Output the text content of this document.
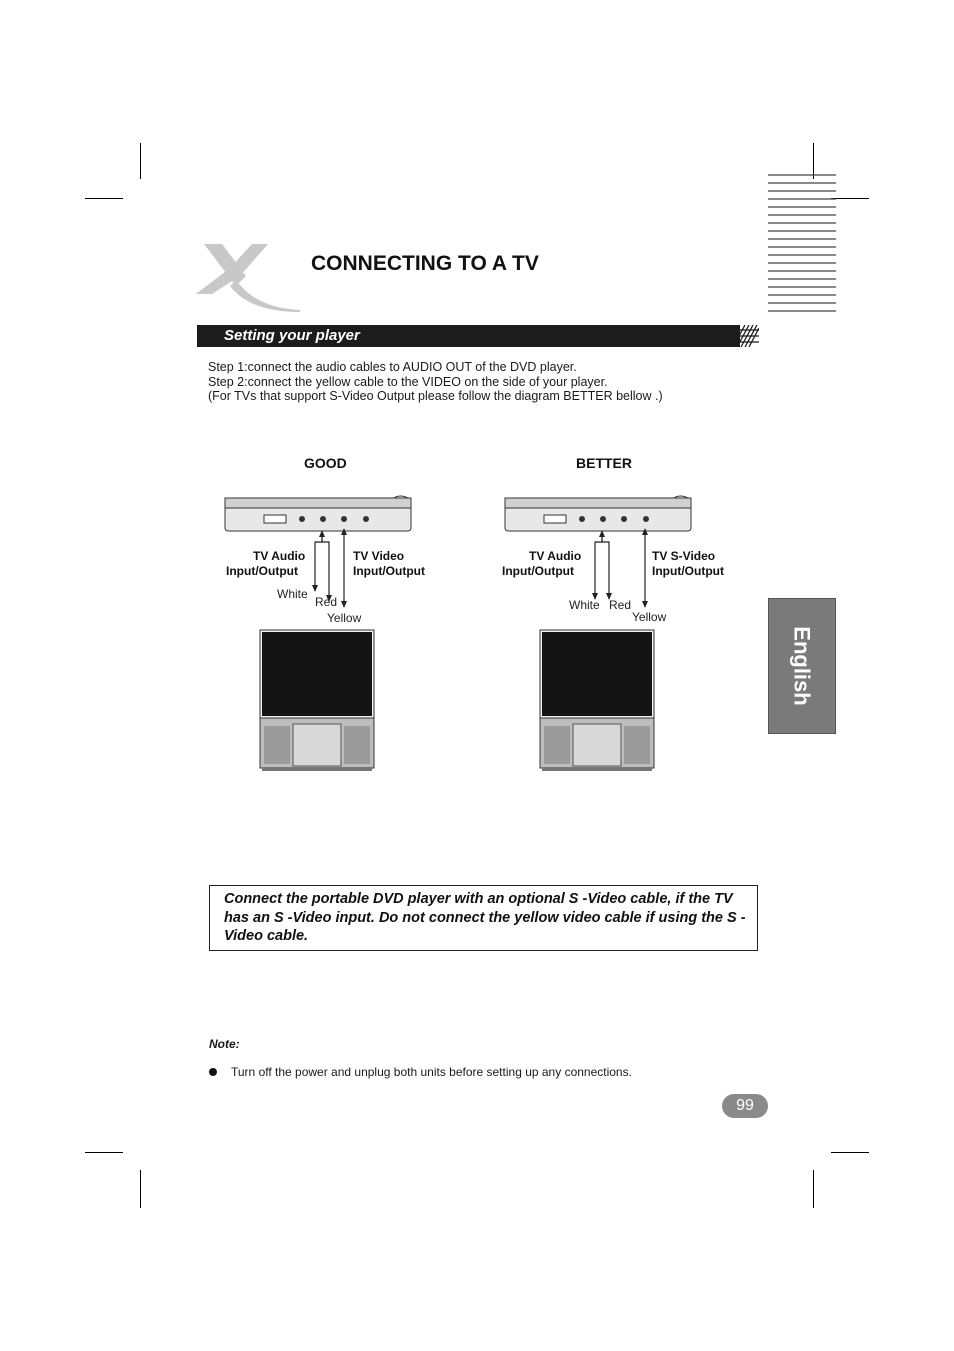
CONNECTING TO A TV
Setting your player
Step 1:connect the audio cables to AUDIO OUT of the DVD player.
Step 2:connect the yellow cable to the VIDEO on the side of your player.
(For TVs that support S-Video Output please follow the diagram BETTER bellow .)
GOOD
TV Audio
Input/Output
TV Video
Input/Output
White
Red
Yellow
BETTER
TV Audio
Input/Output
TV S-Video
Input/Output
White Red
Yellow
Connect the portable DVD player with an optional S -Video cable, if the TV has an S -Video input. Do not connect the yellow video cable if using the S -Video cable.
Note:
Turn off the power and unplug both units before setting up any connections.
English
99
